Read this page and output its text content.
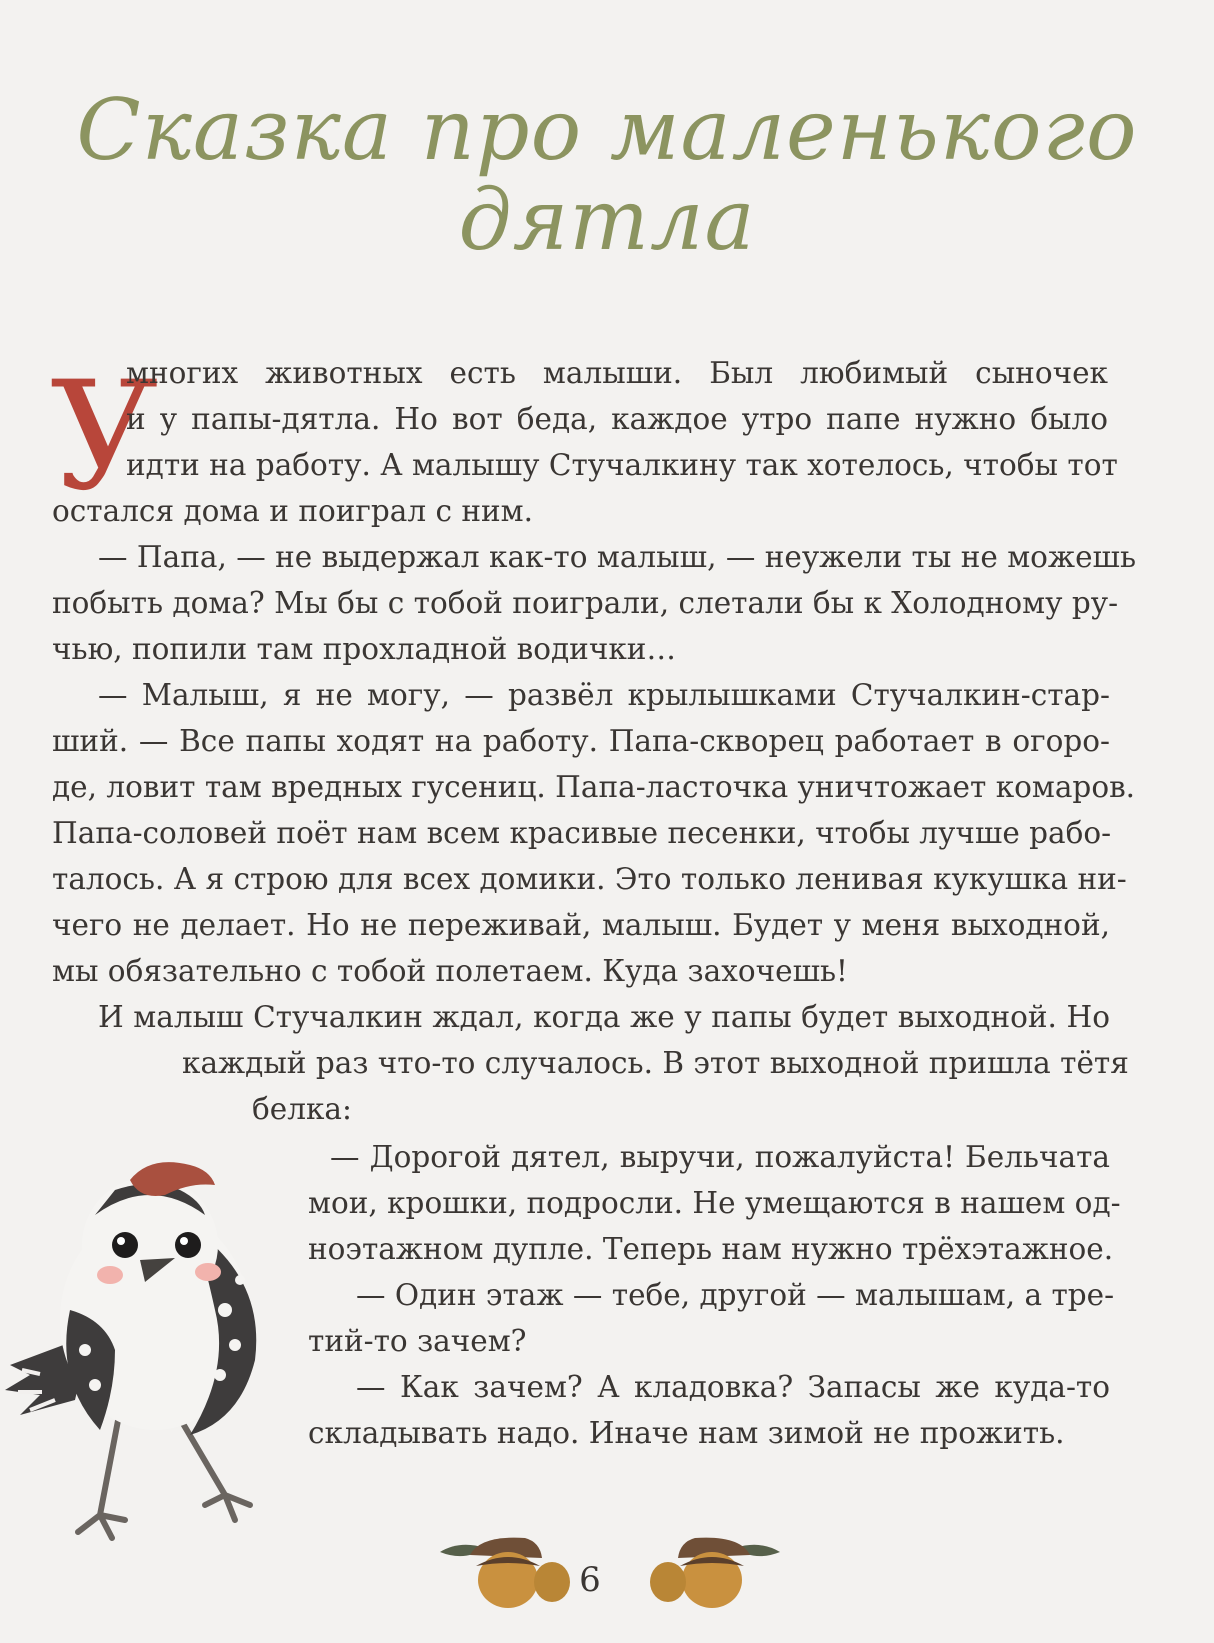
Сказка про маленького
дятла
У
многих животных есть малыши. Был любимый сыночек
и у папы-дятла. Но вот беда, каждое утро папе нужно было
идти на работу. А малышу Стучалкину так хотелось, чтобы тот
остался дома и поиграл с ним.
— Папа, — не выдержал как-то малыш, — неужели ты не можешь
побыть дома? Мы бы с тобой поиграли, слетали бы к Холодному ру-
чью, попили там прохладной водички…
— Малыш, я не могу, — развёл крылышками Стучалкин-стар-
ший. — Все папы ходят на работу. Папа-скворец работает в огоро-
де, ловит там вредных гусениц. Папа-ласточка уничтожает комаров.
Папа-соловей поёт нам всем красивые песенки, чтобы лучше рабо-
талось. А я строю для всех домики. Это только ленивая кукушка ни-
чего не делает. Но не переживай, малыш. Будет у меня выходной,
мы обязательно с тобой полетаем. Куда захочешь!
И малыш Стучалкин ждал, когда же у папы будет выходной. Но
каждый раз что-то случалось. В этот выходной пришла тётя
белка:
— Дорогой дятел, выручи, пожалуйста! Бельчата
мои, крошки, подросли. Не умещаются в нашем од-
ноэтажном дупле. Теперь нам нужно трёхэтажное.
— Один этаж — тебе, другой — малышам, а тре-
тий-то зачем?
— Как зачем? А кладовка? Запасы же куда-то
складывать надо. Иначе нам зимой не прожить.
6
